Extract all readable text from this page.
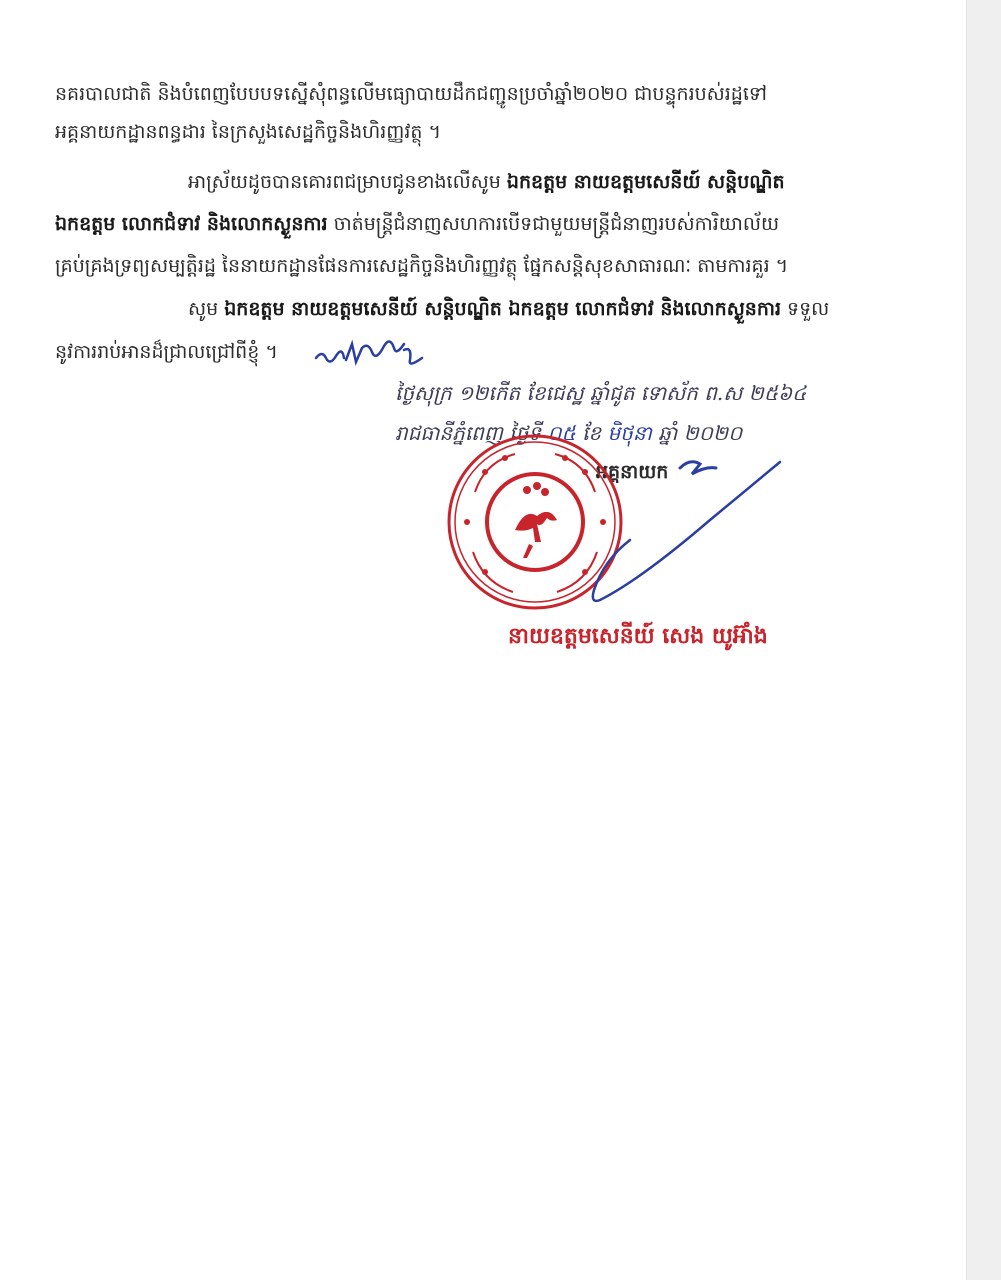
នគរបាលជាតិ និងបំពេញបែបបទស្នើសុំពន្ធលើមធ្យោបាយដឹកជញ្ជូនប្រចាំឆ្នាំ២០២០ ជាបន្ទុករបស់រដ្ឋទៅ
អគ្គនាយកដ្ឋានពន្ធដារ នៃក្រសួងសេដ្ឋកិច្ចនិងហិរញ្ញវត្ថុ ។
អាស្រ័យដូចបានគោរពជម្រាបជូនខាងលើសូម ឯកឧត្តម នាយឧត្តមសេនីយ៍ សន្តិបណ្ឌិត
ឯកឧត្តម លោកជំទាវ និងលោកស្ងួនការ ចាត់មន្ត្រីជំនាញសហការបើទជាមួយមន្ត្រីជំនាញរបស់ការិយាល័យ
គ្រប់គ្រងទ្រព្យសម្បត្តិរដ្ឋ នៃនាយកដ្ឋានផែនការសេដ្ឋកិច្ចនិងហិរញ្ញវត្ថុ ផ្នែកសន្តិសុខសាធារណៈ តាមការគួរ ។
សូម ឯកឧត្តម នាយឧត្តមសេនីយ៍ សន្តិបណ្ឌិត ឯកឧត្តម លោកជំទាវ និងលោកស្ងួនការ ទទួល
នូវការរាប់អានដ៏ជ្រាលជ្រៅពីខ្ញុំ ។
ថ្ងៃសុក្រ ១២កើត ខែជេស្ឋ ឆ្នាំជូត ទោស័ក ព.ស ២៥៦៤
រាជធានីភ្នំពេញ ថ្ងៃទី ០៥ ខែ មិថុនា ឆ្នាំ ២០២០
អគ្គនាយក
នាយឧត្តមសេនីយ៍ សេង យូអ៊ាំង
